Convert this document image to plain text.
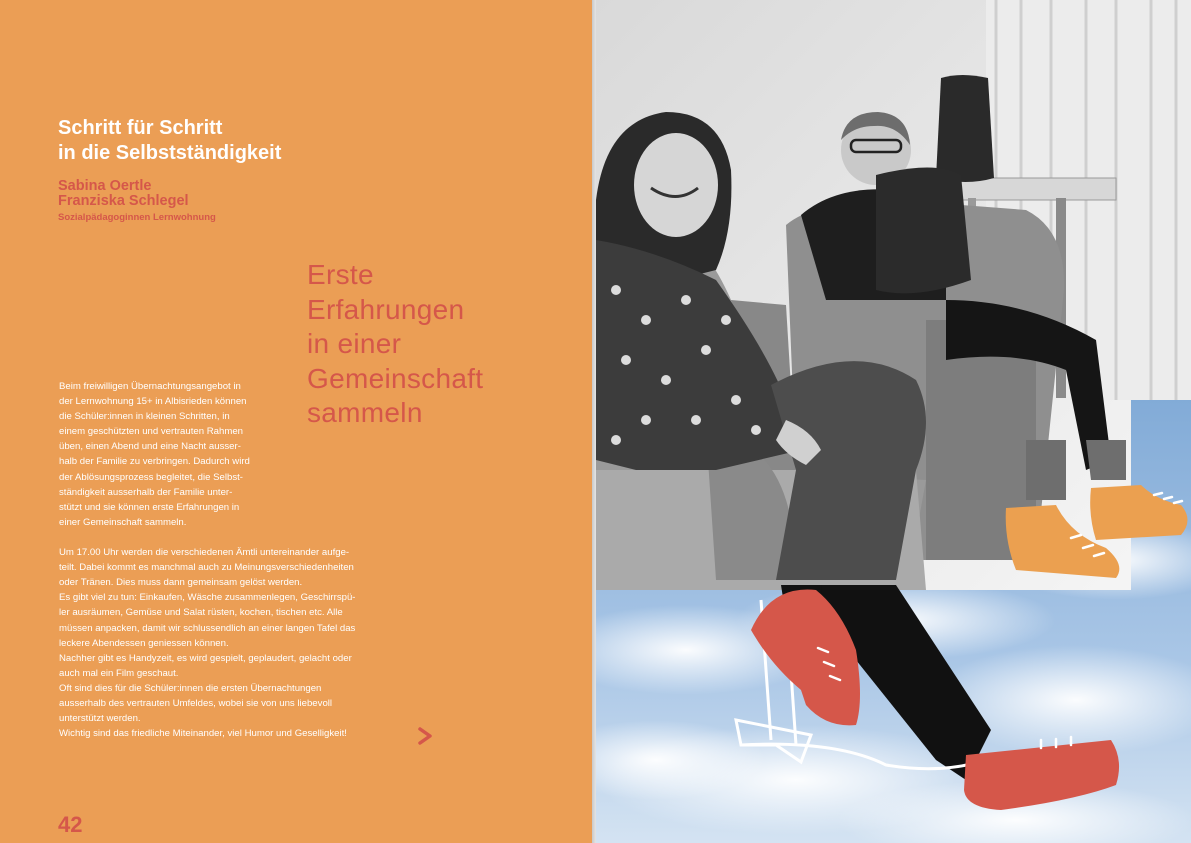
Schritt für Schritt
in die Selbstständigkeit
Sabina Oertle
Franziska Schlegel
Sozialpädagoginnen Lernwohnung
Erste
Erfahrungen
in einer
Gemeinschaft
sammeln
Beim freiwilligen Übernachtungsangebot in
der Lernwohnung 15+ in Albisrieden können
die Schüler:innen in kleinen Schritten, in
einem geschützten und vertrauten Rahmen
üben, einen Abend und eine Nacht ausser-
halb der Familie zu verbringen. Dadurch wird
der Ablösungsprozess begleitet, die Selbst-
ständigkeit ausserhalb der Familie unter-
stützt und sie können erste Erfahrungen in
einer Gemeinschaft sammeln.
Um 17.00 Uhr werden die verschiedenen Ämtli untereinander aufge-
teilt. Dabei kommt es manchmal auch zu Meinungsverschiedenheiten
oder Tränen. Dies muss dann gemeinsam gelöst werden.
Es gibt viel zu tun: Einkaufen, Wäsche zusammenlegen, Geschirrspü-
ler ausräumen, Gemüse und Salat rüsten, kochen, tischen etc. Alle
müssen anpacken, damit wir schlussendlich an einer langen Tafel das
leckere Abendessen geniessen können.
Nachher gibt es Handyzeit, es wird gespielt, geplaudert, gelacht oder
auch mal ein Film geschaut.
Oft sind dies für die Schüler:innen die ersten Übernachtungen
ausserhalb des vertrauten Umfeldes, wobei sie von uns liebevoll
unterstützt werden.
Wichtig sind das friedliche Miteinander, viel Humor und Geselligkeit!
42
